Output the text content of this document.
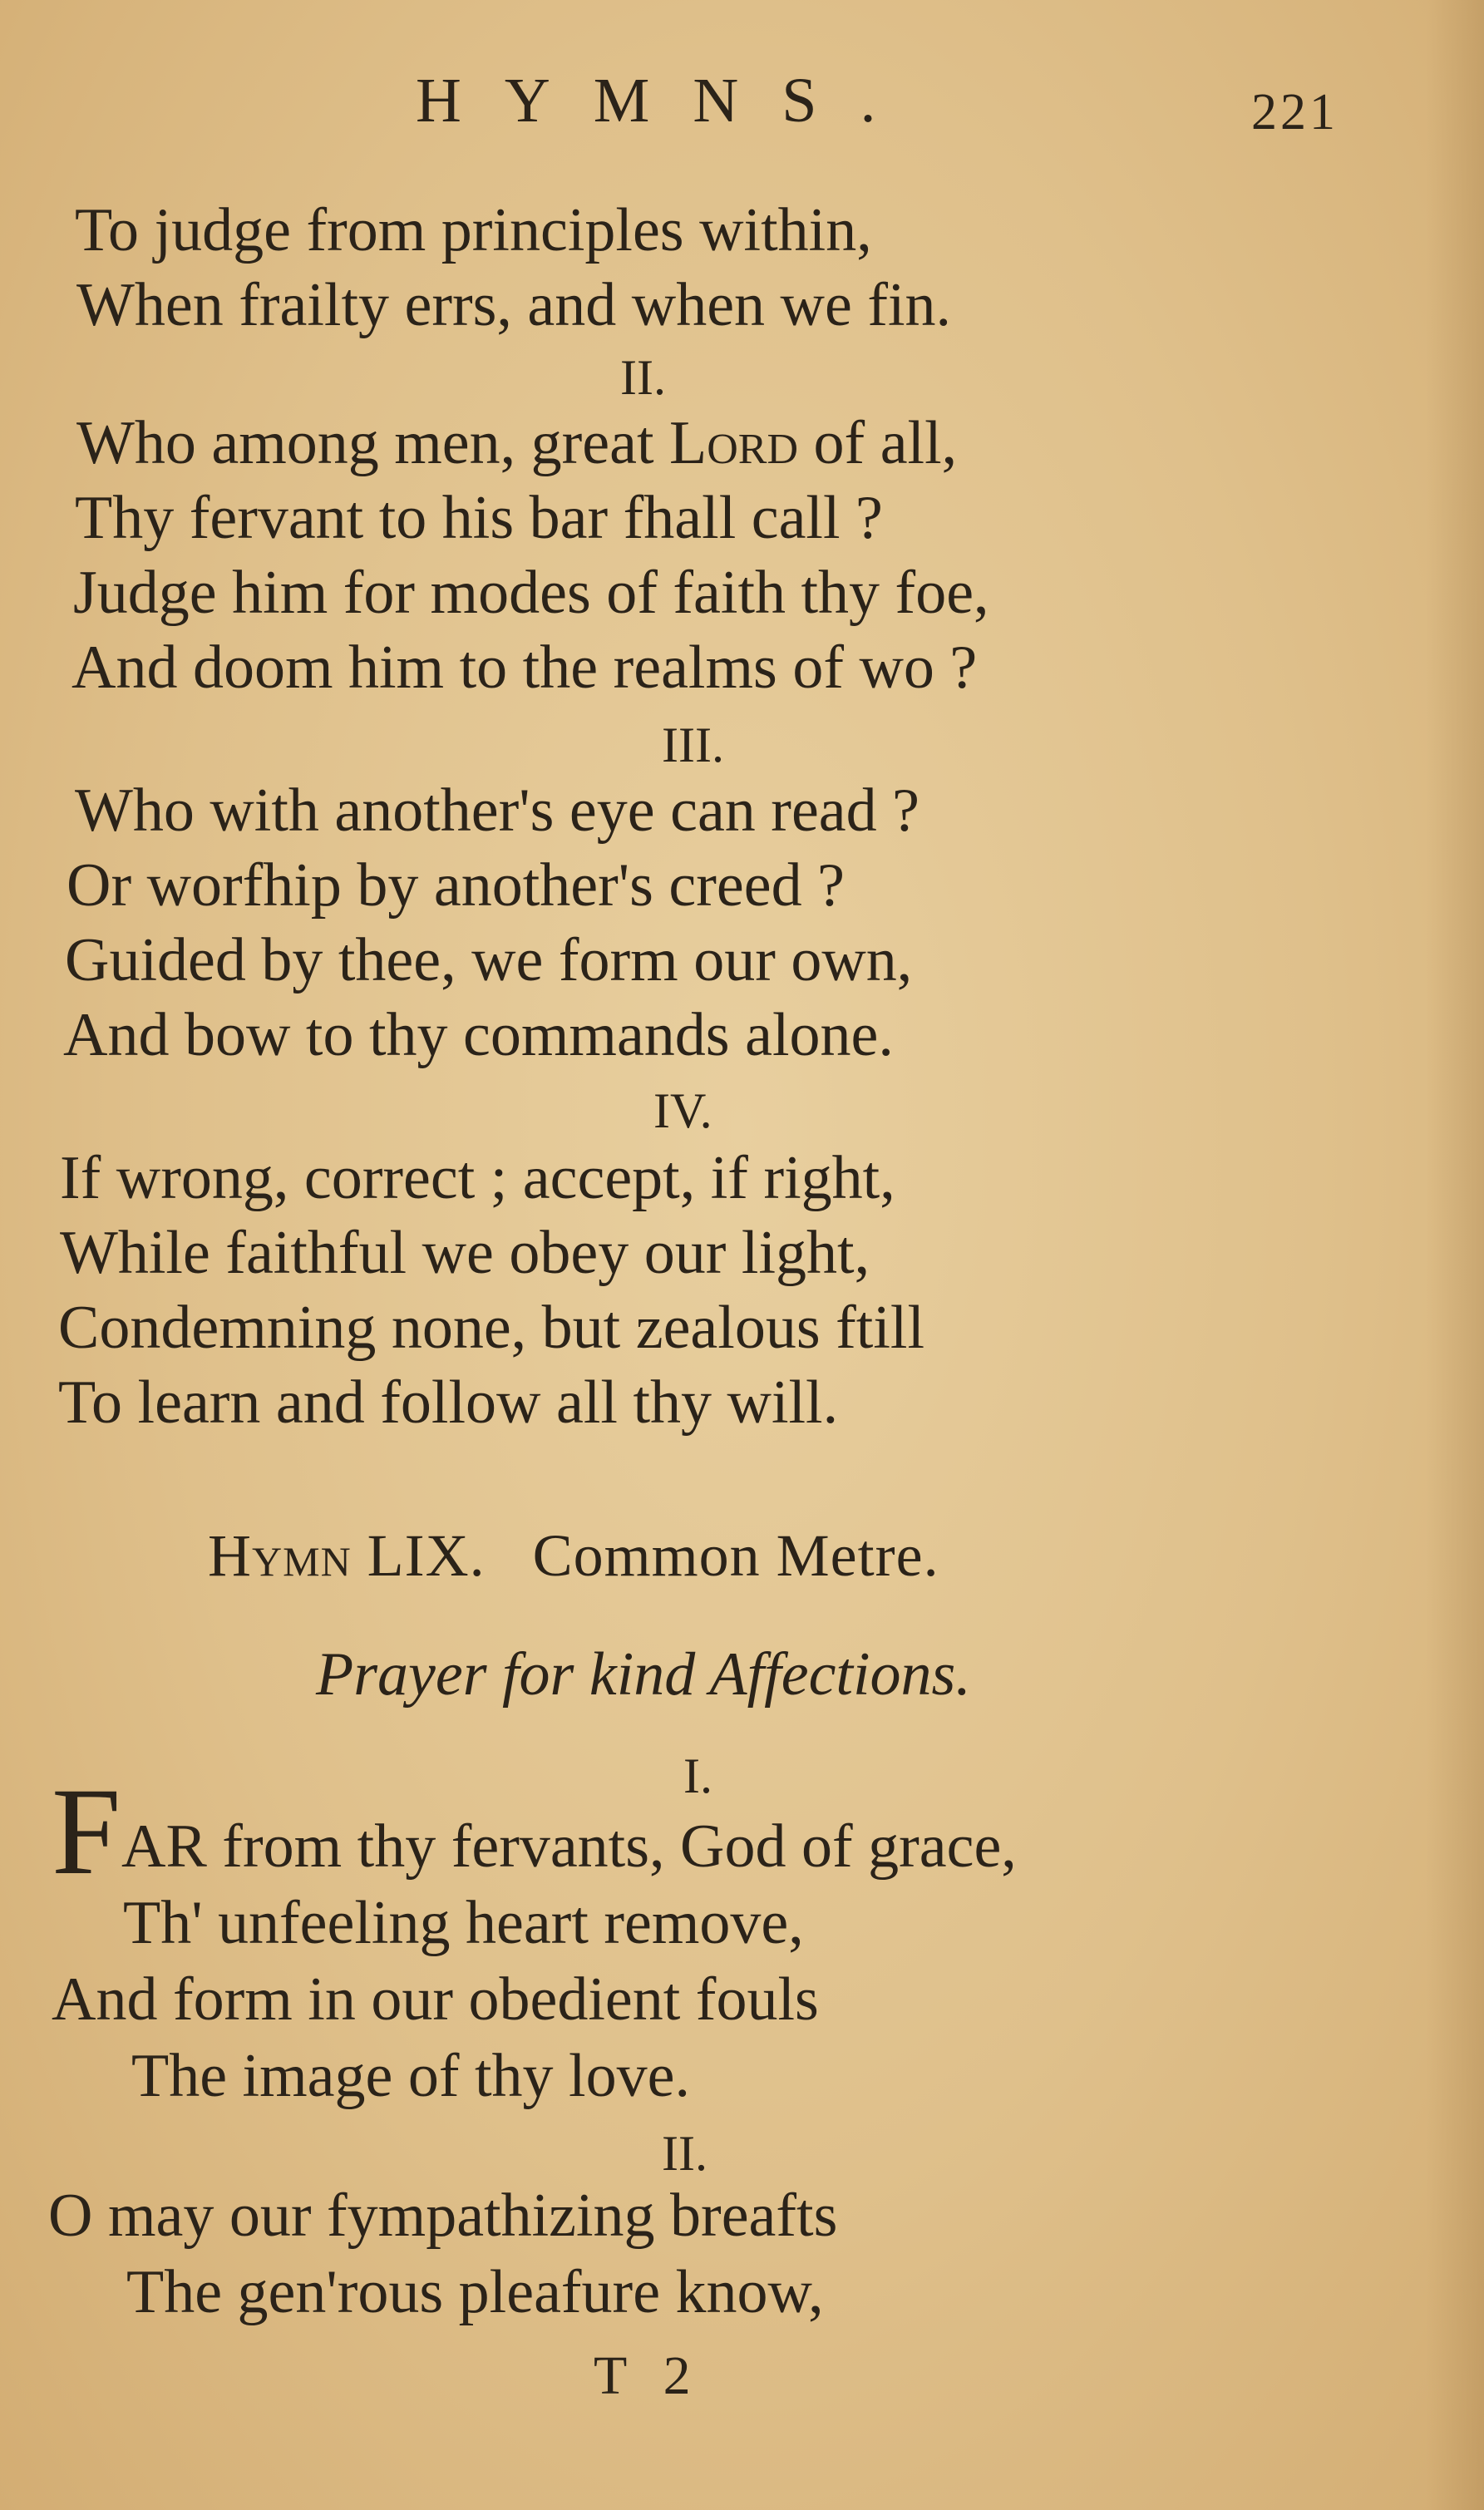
HYMNS.	221
To judge from principles within,
When frailty errs, and when we fin.
II.
Who among men, great Lord of all,
Thy fervant to his bar fhall call ?
Judge him for modes of faith thy foe,
And doom him to the realms of wo ?
III.
Who with another's eye can read ?
Or worfhip by another's creed ?
Guided by thee, we form our own,
And bow to thy commands alone.
IV.
If wrong, correct ; accept, if right,
While faithful we obey our light,
Condemning none, but zealous ftill
To learn and follow all thy will.
Hymn LIX.   Common Metre.
Prayer for kind Affections.
I.
F AR from thy fervants, God of grace,
Th' unfeeling heart remove,
And form in our obedient fouls
The image of thy love.
II.
O may our fympathizing breafts
The gen'rous pleafure know,
T 2
